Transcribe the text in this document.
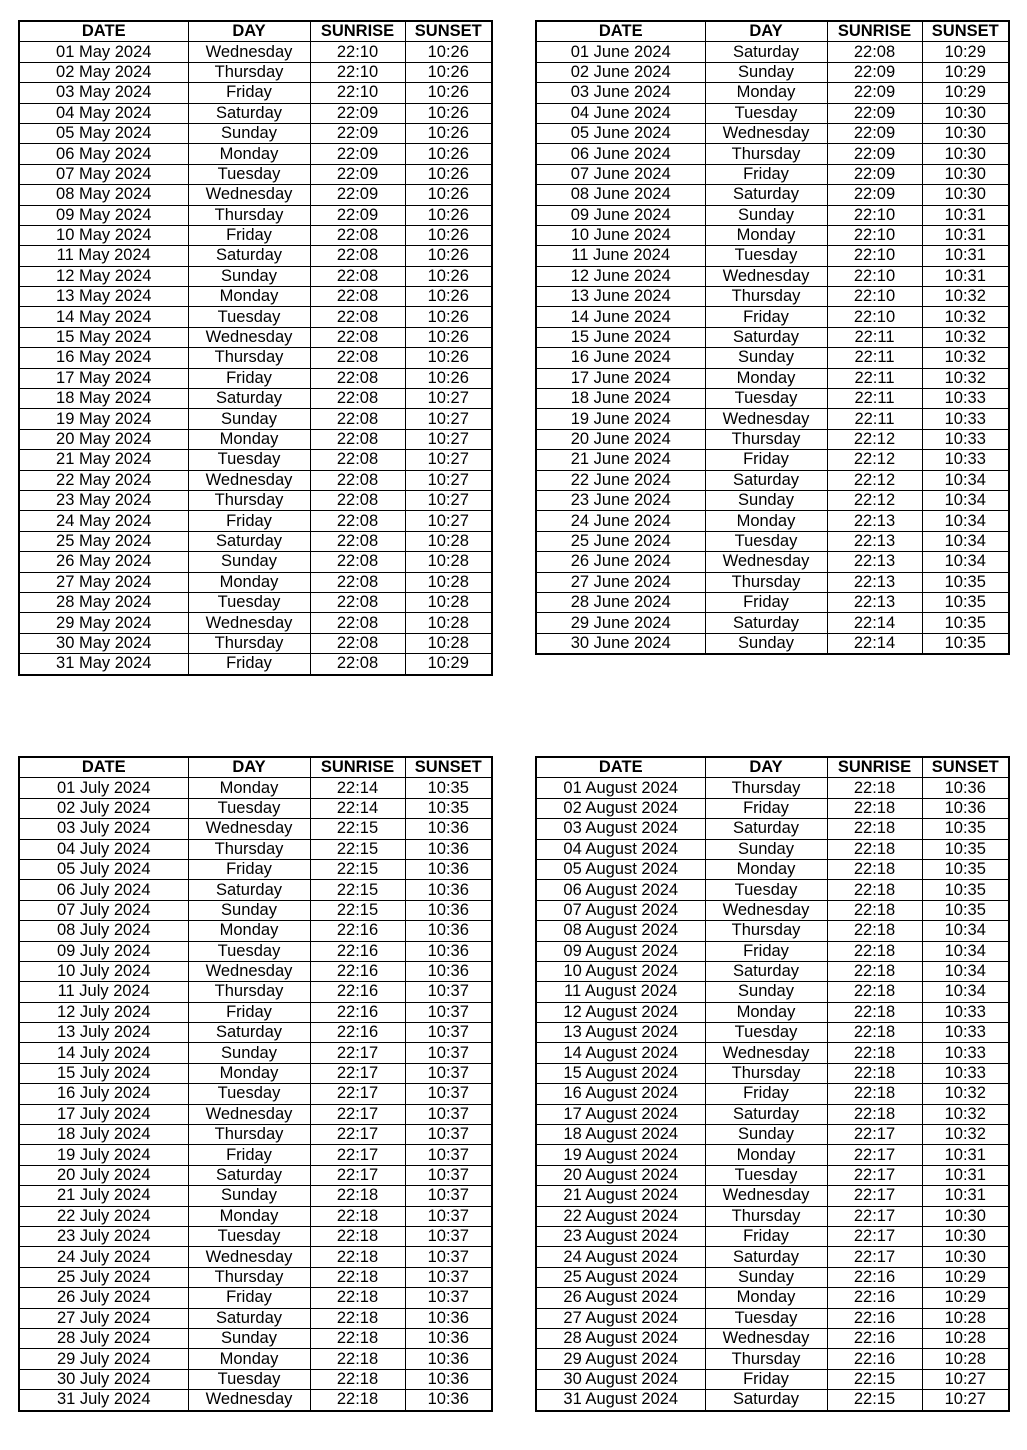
DATE	DAY	SUNRISE	SUNSET
01 May 2024	Wednesday	22:10	10:26
02 May 2024	Thursday	22:10	10:26
03 May 2024	Friday	22:10	10:26
04 May 2024	Saturday	22:09	10:26
05 May 2024	Sunday	22:09	10:26
06 May 2024	Monday	22:09	10:26
07 May 2024	Tuesday	22:09	10:26
08 May 2024	Wednesday	22:09	10:26
09 May 2024	Thursday	22:09	10:26
10 May 2024	Friday	22:08	10:26
11 May 2024	Saturday	22:08	10:26
12 May 2024	Sunday	22:08	10:26
13 May 2024	Monday	22:08	10:26
14 May 2024	Tuesday	22:08	10:26
15 May 2024	Wednesday	22:08	10:26
16 May 2024	Thursday	22:08	10:26
17 May 2024	Friday	22:08	10:26
18 May 2024	Saturday	22:08	10:27
19 May 2024	Sunday	22:08	10:27
20 May 2024	Monday	22:08	10:27
21 May 2024	Tuesday	22:08	10:27
22 May 2024	Wednesday	22:08	10:27
23 May 2024	Thursday	22:08	10:27
24 May 2024	Friday	22:08	10:27
25 May 2024	Saturday	22:08	10:28
26 May 2024	Sunday	22:08	10:28
27 May 2024	Monday	22:08	10:28
28 May 2024	Tuesday	22:08	10:28
29 May 2024	Wednesday	22:08	10:28
30 May 2024	Thursday	22:08	10:28
31 May 2024	Friday	22:08	10:29
DATE	DAY	SUNRISE	SUNSET
01 June 2024	Saturday	22:08	10:29
02 June 2024	Sunday	22:09	10:29
03 June 2024	Monday	22:09	10:29
04 June 2024	Tuesday	22:09	10:30
05 June 2024	Wednesday	22:09	10:30
06 June 2024	Thursday	22:09	10:30
07 June 2024	Friday	22:09	10:30
08 June 2024	Saturday	22:09	10:30
09 June 2024	Sunday	22:10	10:31
10 June 2024	Monday	22:10	10:31
11 June 2024	Tuesday	22:10	10:31
12 June 2024	Wednesday	22:10	10:31
13 June 2024	Thursday	22:10	10:32
14 June 2024	Friday	22:10	10:32
15 June 2024	Saturday	22:11	10:32
16 June 2024	Sunday	22:11	10:32
17 June 2024	Monday	22:11	10:32
18 June 2024	Tuesday	22:11	10:33
19 June 2024	Wednesday	22:11	10:33
20 June 2024	Thursday	22:12	10:33
21 June 2024	Friday	22:12	10:33
22 June 2024	Saturday	22:12	10:34
23 June 2024	Sunday	22:12	10:34
24 June 2024	Monday	22:13	10:34
25 June 2024	Tuesday	22:13	10:34
26 June 2024	Wednesday	22:13	10:34
27 June 2024	Thursday	22:13	10:35
28 June 2024	Friday	22:13	10:35
29 June 2024	Saturday	22:14	10:35
30 June 2024	Sunday	22:14	10:35
DATE	DAY	SUNRISE	SUNSET
01 July 2024	Monday	22:14	10:35
02 July 2024	Tuesday	22:14	10:35
03 July 2024	Wednesday	22:15	10:36
04 July 2024	Thursday	22:15	10:36
05 July 2024	Friday	22:15	10:36
06 July 2024	Saturday	22:15	10:36
07 July 2024	Sunday	22:15	10:36
08 July 2024	Monday	22:16	10:36
09 July 2024	Tuesday	22:16	10:36
10 July 2024	Wednesday	22:16	10:36
11 July 2024	Thursday	22:16	10:37
12 July 2024	Friday	22:16	10:37
13 July 2024	Saturday	22:16	10:37
14 July 2024	Sunday	22:17	10:37
15 July 2024	Monday	22:17	10:37
16 July 2024	Tuesday	22:17	10:37
17 July 2024	Wednesday	22:17	10:37
18 July 2024	Thursday	22:17	10:37
19 July 2024	Friday	22:17	10:37
20 July 2024	Saturday	22:17	10:37
21 July 2024	Sunday	22:18	10:37
22 July 2024	Monday	22:18	10:37
23 July 2024	Tuesday	22:18	10:37
24 July 2024	Wednesday	22:18	10:37
25 July 2024	Thursday	22:18	10:37
26 July 2024	Friday	22:18	10:37
27 July 2024	Saturday	22:18	10:36
28 July 2024	Sunday	22:18	10:36
29 July 2024	Monday	22:18	10:36
30 July 2024	Tuesday	22:18	10:36
31 July 2024	Wednesday	22:18	10:36
DATE	DAY	SUNRISE	SUNSET
01 August 2024	Thursday	22:18	10:36
02 August 2024	Friday	22:18	10:36
03 August 2024	Saturday	22:18	10:35
04 August 2024	Sunday	22:18	10:35
05 August 2024	Monday	22:18	10:35
06 August 2024	Tuesday	22:18	10:35
07 August 2024	Wednesday	22:18	10:35
08 August 2024	Thursday	22:18	10:34
09 August 2024	Friday	22:18	10:34
10 August 2024	Saturday	22:18	10:34
11 August 2024	Sunday	22:18	10:34
12 August 2024	Monday	22:18	10:33
13 August 2024	Tuesday	22:18	10:33
14 August 2024	Wednesday	22:18	10:33
15 August 2024	Thursday	22:18	10:33
16 August 2024	Friday	22:18	10:32
17 August 2024	Saturday	22:18	10:32
18 August 2024	Sunday	22:17	10:32
19 August 2024	Monday	22:17	10:31
20 August 2024	Tuesday	22:17	10:31
21 August 2024	Wednesday	22:17	10:31
22 August 2024	Thursday	22:17	10:30
23 August 2024	Friday	22:17	10:30
24 August 2024	Saturday	22:17	10:30
25 August 2024	Sunday	22:16	10:29
26 August 2024	Monday	22:16	10:29
27 August 2024	Tuesday	22:16	10:28
28 August 2024	Wednesday	22:16	10:28
29 August 2024	Thursday	22:16	10:28
30 August 2024	Friday	22:15	10:27
31 August 2024	Saturday	22:15	10:27
